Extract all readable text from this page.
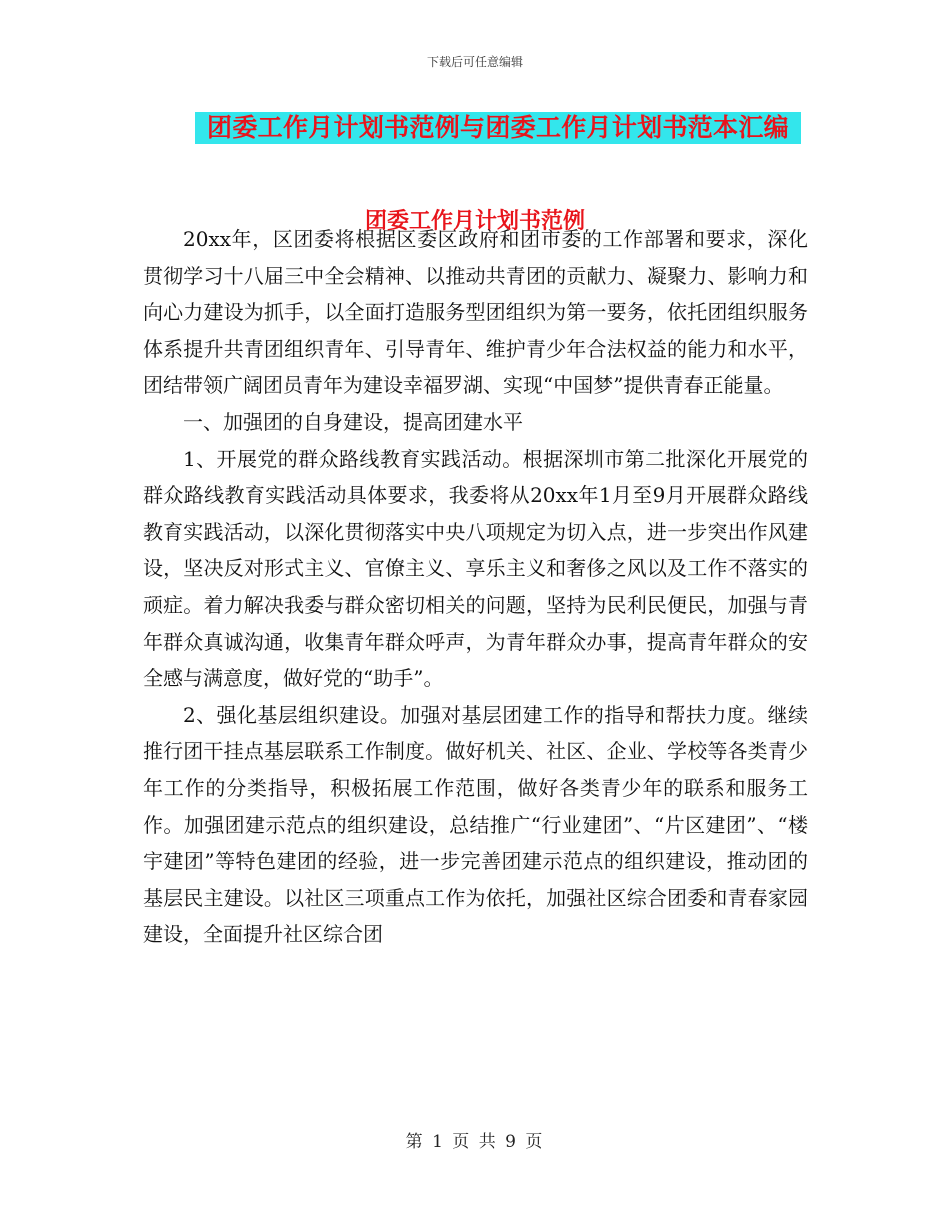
下载后可任意编辑
团委工作月计划书范例与团委工作月计划书范本汇编
团委工作月计划书范例

20xx年，区团委将根据区委区政府和团市委的工作部署和要求，深化贯彻学习十八届三中全会精神、以推动共青团的贡献力、凝聚力、影响力和向心力建设为抓手，以全面打造服务型团组织为第一要务，依托团组织服务体系提升共青团组织青年、引导青年、维护青少年合法权益的能力和水平，团结带领广阔团员青年为建设幸福罗湖、实现“中国梦”提供青春正能量。

一、加强团的自身建设，提高团建水平

1、开展党的群众路线教育实践活动。根据深圳市第二批深化开展党的群众路线教育实践活动具体要求，我委将从20xx年1月至9月开展群众路线教育实践活动，以深化贯彻落实中央八项规定为切入点，进一步突出作风建设，坚决反对形式主义、官僚主义、享乐主义和奢侈之风以及工作不落实的顽症。着力解决我委与群众密切相关的问题，坚持为民利民便民，加强与青年群众真诚沟通，收集青年群众呼声，为青年群众办事，提高青年群众的安全感与满意度，做好党的“助手”。

2、强化基层组织建设。加强对基层团建工作的指导和帮扶力度。继续推行团干挂点基层联系工作制度。做好机关、社区、企业、学校等各类青少年工作的分类指导，积极拓展工作范围，做好各类青少年的联系和服务工作。加强团建示范点的组织建设，总结推广“行业建团”、“片区建团”、“楼宇建团”等特色建团的经验，进一步完善团建示范点的组织建设，推动团的基层民主建设。以社区三项重点工作为依托，加强社区综合团委和青春家园建设，全面提升社区综合团

第 1 页 共 9 页
